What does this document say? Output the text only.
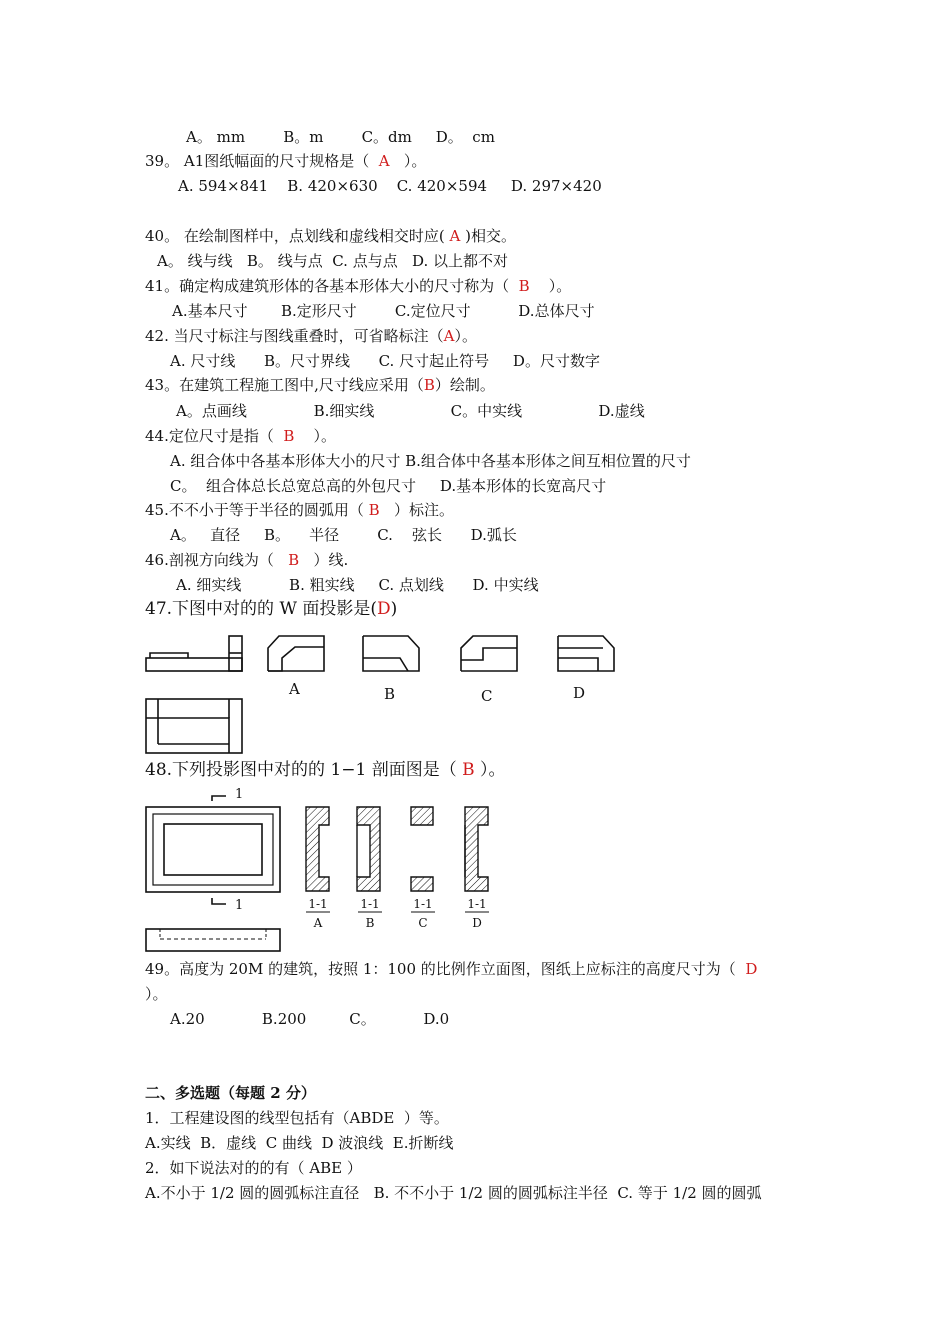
A。 mm        B。m        C。dm     D。  cm
39。 A1图纸幅面的尺寸规格是（  A   ）。
A. 594×841    B. 420×630    C. 420×594     D. 297×420
40。 在绘制图样中，点划线和虚线相交时应( A )相交。
A。 线与线   B。 线与点  C. 点与点   D. 以上都不对
41。确定构成建筑形体的各基本形体大小的尺寸称为（  B    ）。
A.基本尺寸       B.定形尺寸        C.定位尺寸          D.总体尺寸
42. 当尺寸标注与图线重叠时，可省略标注（A）。
A. 尺寸线      B。尺寸界线      C. 尺寸起止符号     D。尺寸数字
43。在建筑工程施工图中,尺寸线应采用（B）绘制。
A。点画线              B.细实线                C。中实线                D.虚线
44.定位尺寸是指（  B    ）。
A. 组合体中各基本形体大小的尺寸 B.组合体中各基本形体之间互相位置的尺寸
C。  组合体总长总宽总高的外包尺寸     D.基本形体的长宽高尺寸
45.不不小于等于半径的圆弧用（ B   ）标注。
A。   直径     B。    半径        C.    弦长      D.弧长
46.剖视方向线为（   B   ）线.
A. 细实线          B. 粗实线     C. 点划线      D. 中实线
47.下图中对的的 W 面投影是(D)
A	B	C	D
48.下列投影图中对的的 1−1 剖面图是（ B ）。
1
1	1-1	1-1	1-1	1-1
A	B	C	D
49。高度为 20M 的建筑，按照 1：100 的比例作立面图，图纸上应标注的高度尺寸为（  D
）。
A.20            B.200         C。          D.0
二、多选题（每题 2 分）
1．工程建设图的线型包括有（ABDE  ）等。
A.实线  B．虚线  C 曲线  D 波浪线  E.折断线
2．如下说法对的的有（ ABE ）
A.不小于 1/2 圆的圆弧标注直径   B. 不不小于 1/2 圆的圆弧标注半径  C. 等于 1/2 圆的圆弧
